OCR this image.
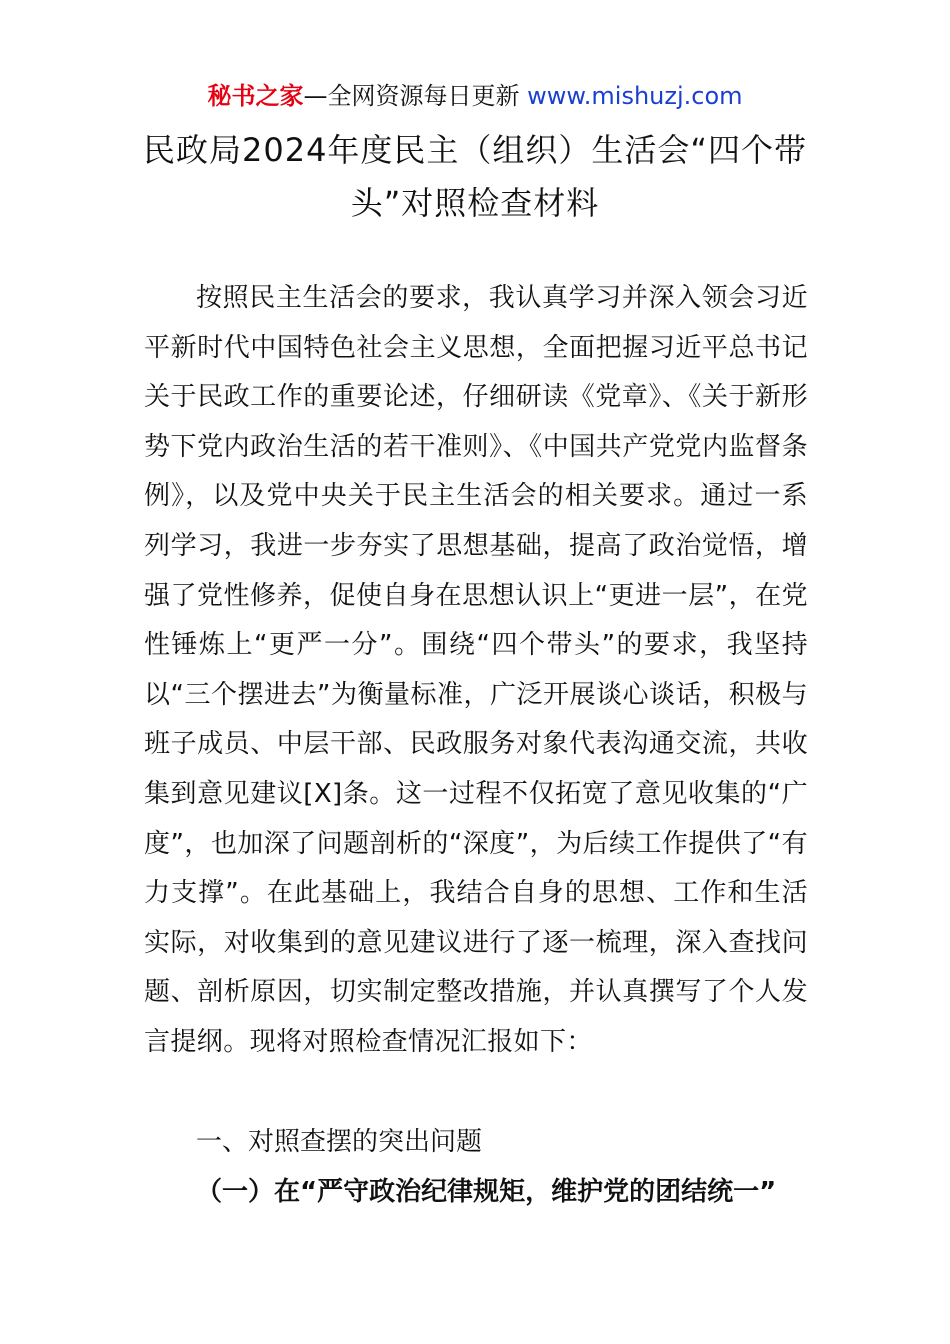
秘书之家—全网资源每日更新 www.mishuzj.com
民政局2024年度民主（组织）生活会“四个带头”对照检查材料

按照民主生活会的要求，我认真学习并深入领会习近平新时代中国特色社会主义思想，全面把握习近平总书记关于民政工作的重要论述，仔细研读《党章》、《关于新形势下党内政治生活的若干准则》、《中国共产党党内监督条例》，以及党中央关于民主生活会的相关要求。通过一系列学习，我进一步夯实了思想基础，提高了政治觉悟，增强了党性修养，促使自身在思想认识上“更进一层”，在党性锤炼上“更严一分”。围绕“四个带头”的要求，我坚持以“三个摆进去”为衡量标准，广泛开展谈心谈话，积极与班子成员、中层干部、民政服务对象代表沟通交流，共收集到意见建议[X]条。这一过程不仅拓宽了意见收集的“广度”，也加深了问题剖析的“深度”，为后续工作提供了“有力支撑”。在此基础上，我结合自身的思想、工作和生活实际，对收集到的意见建议进行了逐一梳理，深入查找问题、剖析原因，切实制定整改措施，并认真撰写了个人发言提纲。现将对照检查情况汇报如下：

一、对照查摆的突出问题
（一）在“严守政治纪律规矩，维护党的团结统一”
